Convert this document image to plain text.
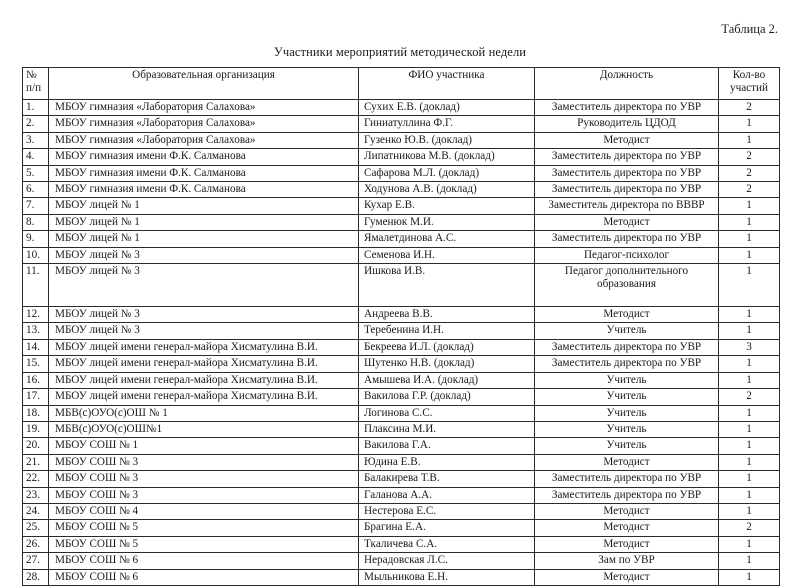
Таблица 2.
Участники мероприятий методической недели
№
п/п	Образовательная организация	ФИО участника	Должность	Кол-во
участий
1.	МБОУ гимназия «Лаборатория Салахова»	Сухих Е.В. (доклад)	Заместитель директора по УВР	2
2.	МБОУ гимназия «Лаборатория Салахова»	Гиниатуллина Ф.Г.	Руководитель ЦДОД	1
3.	МБОУ гимназия «Лаборатория Салахова»	Гузенко Ю.В. (доклад)	Методист	1
4.	МБОУ гимназия имени Ф.К. Салманова	Липатникова М.В. (доклад)	Заместитель директора по УВР	2
5.	МБОУ гимназия имени Ф.К. Салманова	Сафарова М.Л. (доклад)	Заместитель директора по УВР	2
6.	МБОУ гимназия имени Ф.К. Салманова	Ходунова А.В. (доклад)	Заместитель директора по УВР	2
7.	МБОУ лицей № 1	Кухар Е.В.	Заместитель директора по ВВВР	1
8.	МБОУ лицей № 1	Гуменюк М.И.	Методист	1
9.	МБОУ лицей № 1	Ямалетдинова А.С.	Заместитель директора по УВР	1
10.	МБОУ лицей № 3	Семенова И.Н.	Педагог-психолог	1
11.	МБОУ лицей № 3	Ишкова И.В.	Педагог дополнительного образования	1
12.	МБОУ лицей № 3	Андреева В.В.	Методист	1
13.	МБОУ лицей № 3	Теребенина И.Н.	Учитель	1
14.	МБОУ лицей имени генерал-майора Хисматулина В.И.	Бекреева И.Л. (доклад)	Заместитель директора по УВР	3
15.	МБОУ лицей имени генерал-майора Хисматулина В.И.	Шутенко Н.В. (доклад)	Заместитель директора по УВР	1
16.	МБОУ лицей имени генерал-майора Хисматулина В.И.	Амышева И.А. (доклад)	Учитель	1
17.	МБОУ лицей имени генерал-майора Хисматулина В.И.	Вакилова Г.Р. (доклад)	Учитель	2
18.	МБВ(с)ОУО(с)ОШ № 1	Логинова С.С.	Учитель	1
19.	МБВ(с)ОУО(с)ОШ№1	Плаксина М.И.	Учитель	1
20.	МБОУ СОШ № 1	Вакилова Г.А.	Учитель	1
21.	МБОУ СОШ № 3	Юдина Е.В.	Методист	1
22.	МБОУ СОШ № 3	Балакирева Т.В.	Заместитель директора по УВР	1
23.	МБОУ СОШ № 3	Галанова А.А.	Заместитель директора по УВР	1
24.	МБОУ СОШ № 4	Нестерова Е.С.	Методист	1
25.	МБОУ СОШ № 5	Брагина Е.А.	Методист	2
26.	МБОУ СОШ № 5	Ткаличева С.А.	Методист	1
27.	МБОУ СОШ № 6	Нерадовская Л.С.	Зам по УВР	1
28.	МБОУ СОШ № 6	Мыльникова Е.Н.	Методист	1
